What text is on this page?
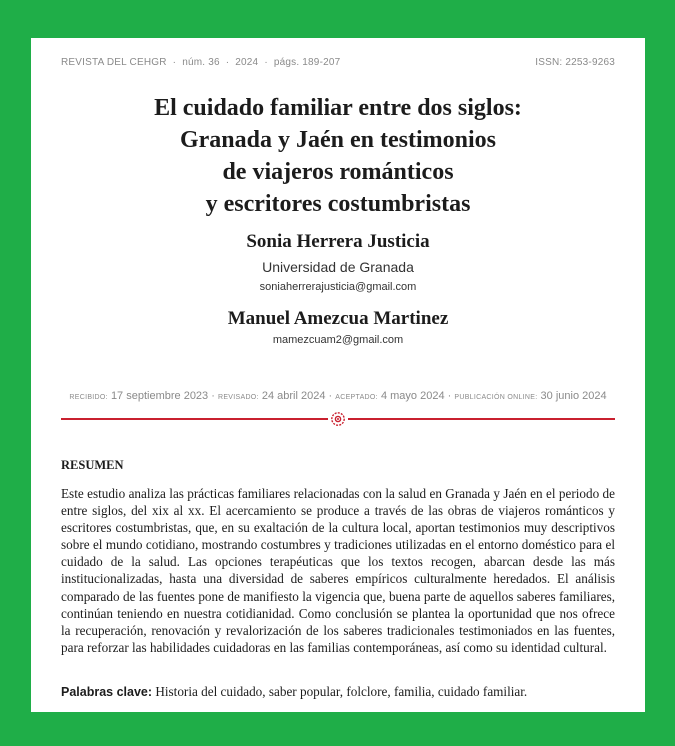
REVISTA DEL CEHGR · núm. 36 · 2024 · págs. 189-207	ISSN: 2253-9263
El cuidado familiar entre dos siglos:
Granada y Jaén en testimonios
de viajeros románticos
y escritores costumbristas
Sonia Herrera Justicia
Universidad de Granada
soniaherrerajusticia@gmail.com
Manuel Amezcua Martinez
mamezcuam2@gmail.com
RECIBIDO: 17 septiembre 2023 · REVISADO: 24 abril 2024 · ACEPTADO: 4 mayo 2024 · PUBLICACIÓN ONLINE: 30 junio 2024
RESUMEN
Este estudio analiza las prácticas familiares relacionadas con la salud en Granada y Jaén en el periodo de entre siglos, del xix al xx. El acercamiento se produce a través de las obras de viajeros románticos y escritores costumbristas, que, en su exaltación de la cultura local, aportan testimonios muy descriptivos sobre el mundo cotidiano, mostrando costumbres y tradiciones utilizadas en el entorno doméstico para el cuidado de la salud. Las opciones terapéuticas que los textos recogen, abarcan desde las más institucionalizadas, hasta una diversidad de saberes empíricos culturalmente heredados. El análisis comparado de las fuentes pone de manifiesto la vigencia que, buena parte de aquellos saberes familiares, continúan teniendo en nuestra cotidianidad. Como conclusión se plantea la oportunidad que nos ofrece la recuperación, renovación y revalorización de los saberes tradicionales testimoniados en las fuentes, para reforzar las habilidades cuidadoras en las familias contemporáneas, así como su identidad cultural.
Palabras clave: Historia del cuidado, saber popular, folclore, familia, cuidado familiar.
